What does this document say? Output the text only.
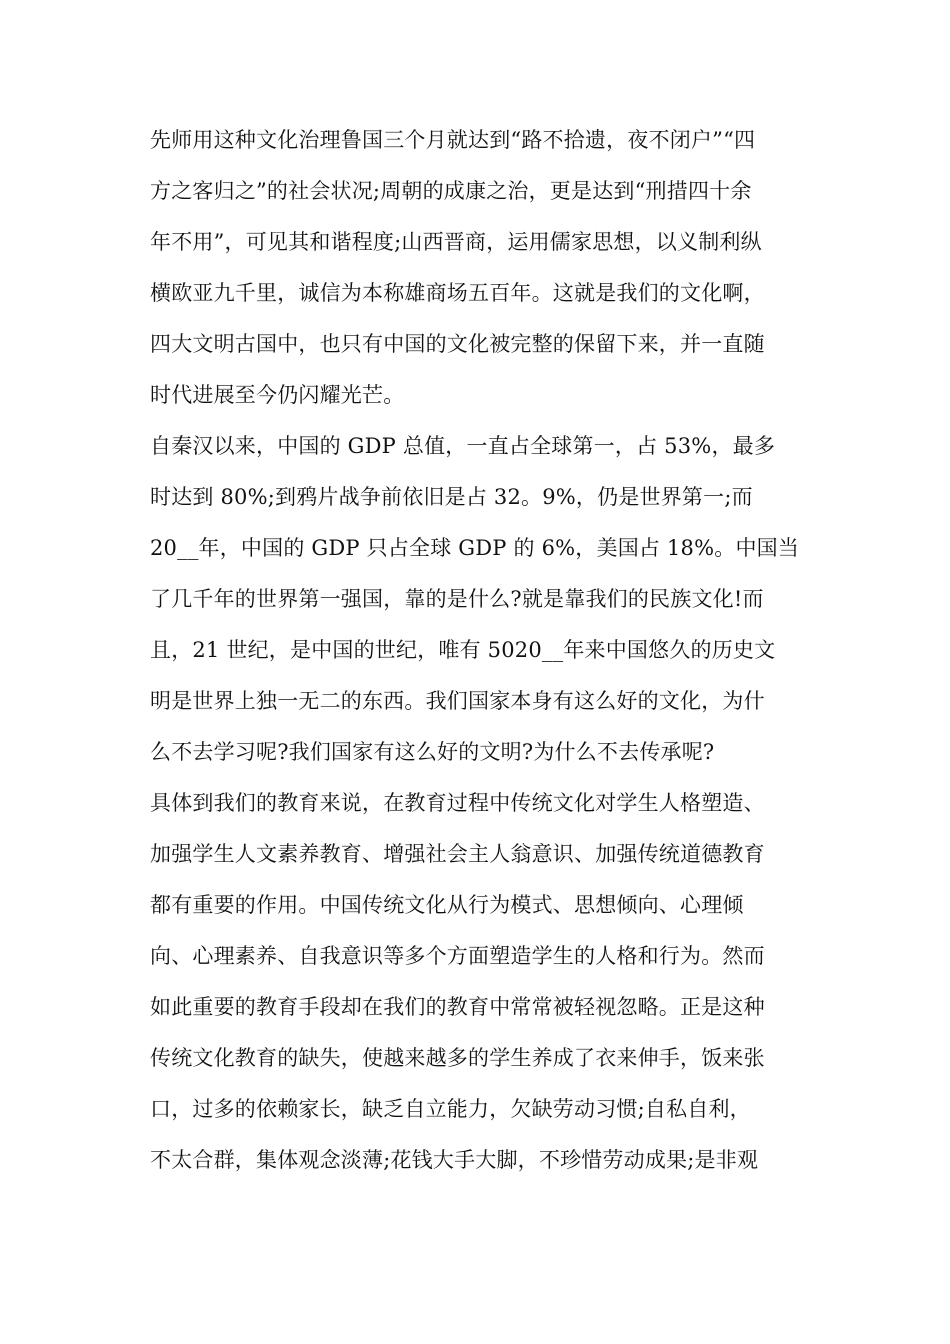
先师用这种文化治理鲁国三个月就达到“路不拾遗，夜不闭户”“四
方之客归之”的社会状况;周朝的成康之治，更是达到“刑措四十余
年不用”，可见其和谐程度;山西晋商，运用儒家思想，以义制利纵
横欧亚九千里，诚信为本称雄商场五百年。这就是我们的文化啊，
四大文明古国中，也只有中国的文化被完整的保留下来，并一直随
时代进展至今仍闪耀光芒。
自秦汉以来，中国的 GDP 总值，一直占全球第一，占 53%，最多
时达到 80%;到鸦片战争前依旧是占 32。9%，仍是世界第一;而
20__年，中国的 GDP 只占全球 GDP 的 6%，美国占 18%。中国当
了几千年的世界第一强国，靠的是什么?就是靠我们的民族文化!而
且，21 世纪，是中国的世纪，唯有 5020__年来中国悠久的历史文
明是世界上独一无二的东西。我们国家本身有这么好的文化，为什
么不去学习呢?我们国家有这么好的文明?为什么不去传承呢?
具体到我们的教育来说，在教育过程中传统文化对学生人格塑造、
加强学生人文素养教育、增强社会主人翁意识、加强传统道德教育
都有重要的作用。中国传统文化从行为模式、思想倾向、心理倾
向、心理素养、自我意识等多个方面塑造学生的人格和行为。然而
如此重要的教育手段却在我们的教育中常常被轻视忽略。正是这种
传统文化教育的缺失，使越来越多的学生养成了衣来伸手，饭来张
口，过多的依赖家长，缺乏自立能力，欠缺劳动习惯;自私自利，
不太合群，集体观念淡薄;花钱大手大脚，不珍惜劳动成果;是非观
